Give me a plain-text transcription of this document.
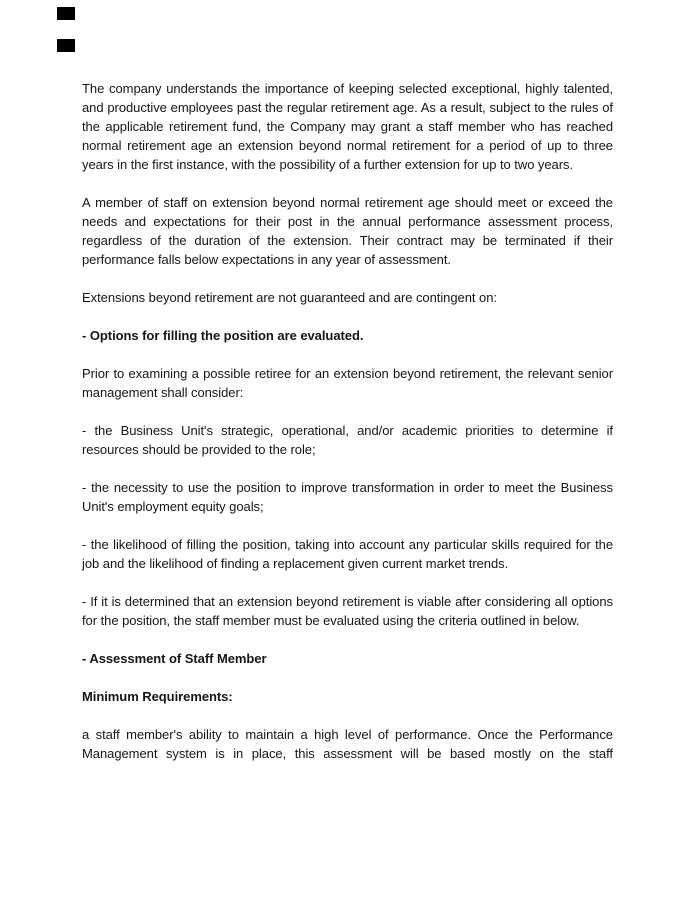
The company understands the importance of keeping selected exceptional, highly talented, and productive employees past the regular retirement age. As a result, subject to the rules of the applicable retirement fund, the Company may grant a staff member who has reached normal retirement age an extension beyond normal retirement for a period of up to three years in the first instance, with the possibility of a further extension for up to two years.

A member of staff on extension beyond normal retirement age should meet or exceed the needs and expectations for their post in the annual performance assessment process, regardless of the duration of the extension. Their contract may be terminated if their performance falls below expectations in any year of assessment.

Extensions beyond retirement are not guaranteed and are contingent on:

- Options for filling the position are evaluated.

Prior to examining a possible retiree for an extension beyond retirement, the relevant senior management shall consider:

- the Business Unit's strategic, operational, and/or academic priorities to determine if resources should be provided to the role;

- the necessity to use the position to improve transformation in order to meet the Business Unit's employment equity goals;

- the likelihood of filling the position, taking into account any particular skills required for the job and the likelihood of finding a replacement given current market trends.

- If it is determined that an extension beyond retirement is viable after considering all options for the position, the staff member must be evaluated using the criteria outlined in below.

- Assessment of Staff Member

Minimum Requirements:

a staff member's ability to maintain a high level of performance. Once the Performance Management system is in place, this assessment will be based mostly on the staff
